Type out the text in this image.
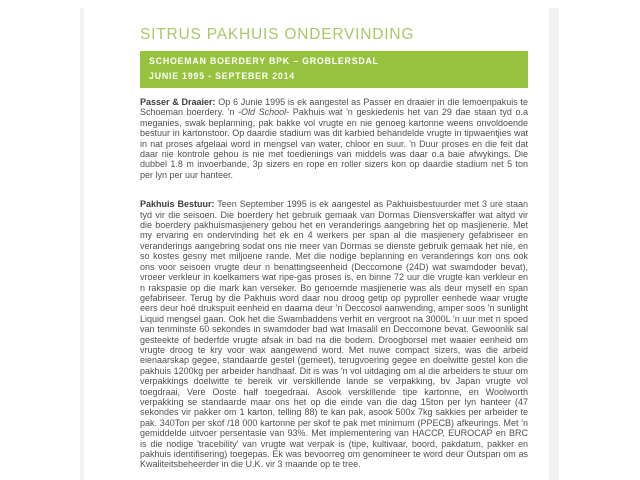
SITRUS PAKHUIS ONDERVINDING
SCHOEMAN BOERDERY BPK – GROBLERSDAL
JUNIE 1995 - SEPTEBER 2014

Passer & Draaier: Op 6 Junie 1995 is ek aangestel as Passer en draaier in die lemoenpakuis te Schoeman boerdery. 'n -Old School- Pakhuis wat 'n geskiedenis het van 29 dae staan tyd o.a meganies, swak beplanning, pak bakke vol vrugte en nie genoeg kartonne weens onvoldoende bestuur in kartonstoor. Op daardie stadium was dit karbied behandelde vrugte in tipwaentjies wat in nat proses afgelaai word in mengsel van water, chloor en suur. 'n Duur proses en die feit dat daar nie kontrole gehou is nie met toedienings van middels was daar o.a baie afwykings. Die dubbel 1.8 m invoerbande, 3p sizers en rope en roller sizers kon op daardie stadium net 5 ton per lyn per uur hanteer.

Pakhuis Bestuur: Teen September 1995 is ek aangestel as Pakhuisbestuurder met 3 ure staan tyd vir die seisoen. Die boerdery het gebruik gemaak van Dormas Diensverskaffer wat altyd vir die boerdery pakhuismasjienery gebou het en veranderings aangebring het op masjienerie. Met my ervaring en ondervinding het ek en 4 werkers per span al die masjienery gefabriseer en veranderings aangebring sodat ons nie meer van Dormas se dienste gebruik gemaak het nie, en so kostes gesny met miljoene rande. Met die nodige beplanning en veranderings kon ons ook ons voor seisoen vrugte deur n benattingseenheid (Deccomone (24D) wat swamdoder bevat), vroeer verkleur in koelkamers wat ripe-gas proses is, en binne 72 uur die vrugte kan verkleur en n rakspasie op die mark kan verseker. Bo genoemde masjienerie was als deur myself en span gefabriseer. Terug by die Pakhuis word daar nou droog getip op pyproller eenhede waar vrugte eers deur hoë drukspuit eenheid en daarna deur 'n Deccosol aanwending, amper soos 'n sunlight Liquid mengsel gaan. Ook het die Swambaddens verhit en vergroot na 3000L 'n uur met n spoed van tenminste 60 sekondes in swamdoder bad wat Imasalil en Deccomone bevat. Gewoonlik sal gesteekte of bederfde vrugte afsak in bad na die bodem. Droogborsel met waaier eenheid om vrugte droog te kry voor wax aangewend word. Met nuwe compact sizers, was die arbeid eienaarskap gegee, standaarde gestel (gemeet), terugvoering gegee en doelwitte gestel kon die pakhuis 1200kg per arbeider handhaaf. Dit is was 'n vol uitdaging om al die arbeiders te stuur om verpakkings doelwitte te bereik vir verskillende lande se verpakking, bv Japan vrugte vol toegdraai, Vere Ooste half toegedraai. Asook verskillende tipe kartonne, en Woolworth verpakking se standaarde maar ons het op die einde van die dag 15ton per lyn hanteer (47 sekondes vir pakker om 1 karton, telling 88) te kan pak, asook 500x 7kg sakkies per arbeider te pak. 340Ton per skof /18 000 kartonne per skof te pak met minimum (PPECB) afkeurings. Met 'n gemiddelde uitvoer persentasie van 93%. Met implementering van HACCP, EUROCAP en BRC is die nodige 'tracebility' van vrugte wat verpak is (tipe, kultivaar, boord, pakdatum, pakker en pakhuis identifisering) toegepas. Ek was bevoorreg om genomineer te word deur Outspan om as Kwaliteitsbeheerder in die U.K. vir 3 maande op te tree.
